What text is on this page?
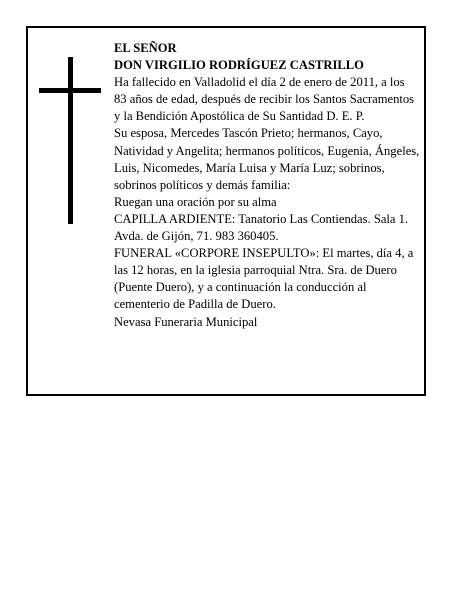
EL SEÑOR

DON VIRGILIO RODRÍGUEZ CASTRILLO

Ha fallecido en Valladolid el día 2 de enero de 2011, a los 83 años de edad, después de recibir los Santos Sacramentos y la Bendición Apostólica de Su Santidad D. E. P.

Su esposa, Mercedes Tascón Prieto; hermanos, Cayo, Natividad y Angelita; hermanos políticos, Eugenia, Ángeles, Luis, Nicomedes, María Luisa y María Luz; sobrinos, sobrinos políticos y demás familia:

Ruegan una oración por su alma

CAPILLA ARDIENTE: Tanatorio Las Contiendas. Sala 1. Avda. de Gijón, 71. 983 360405.

FUNERAL «CORPORE INSEPULTO»: El martes, día 4, a las 12 horas, en la iglesia parroquial Ntra. Sra. de Duero (Puente Duero), y a continuación la conducción al cementerio de Padilla de Duero.

Nevasa Funeraria Municipal
